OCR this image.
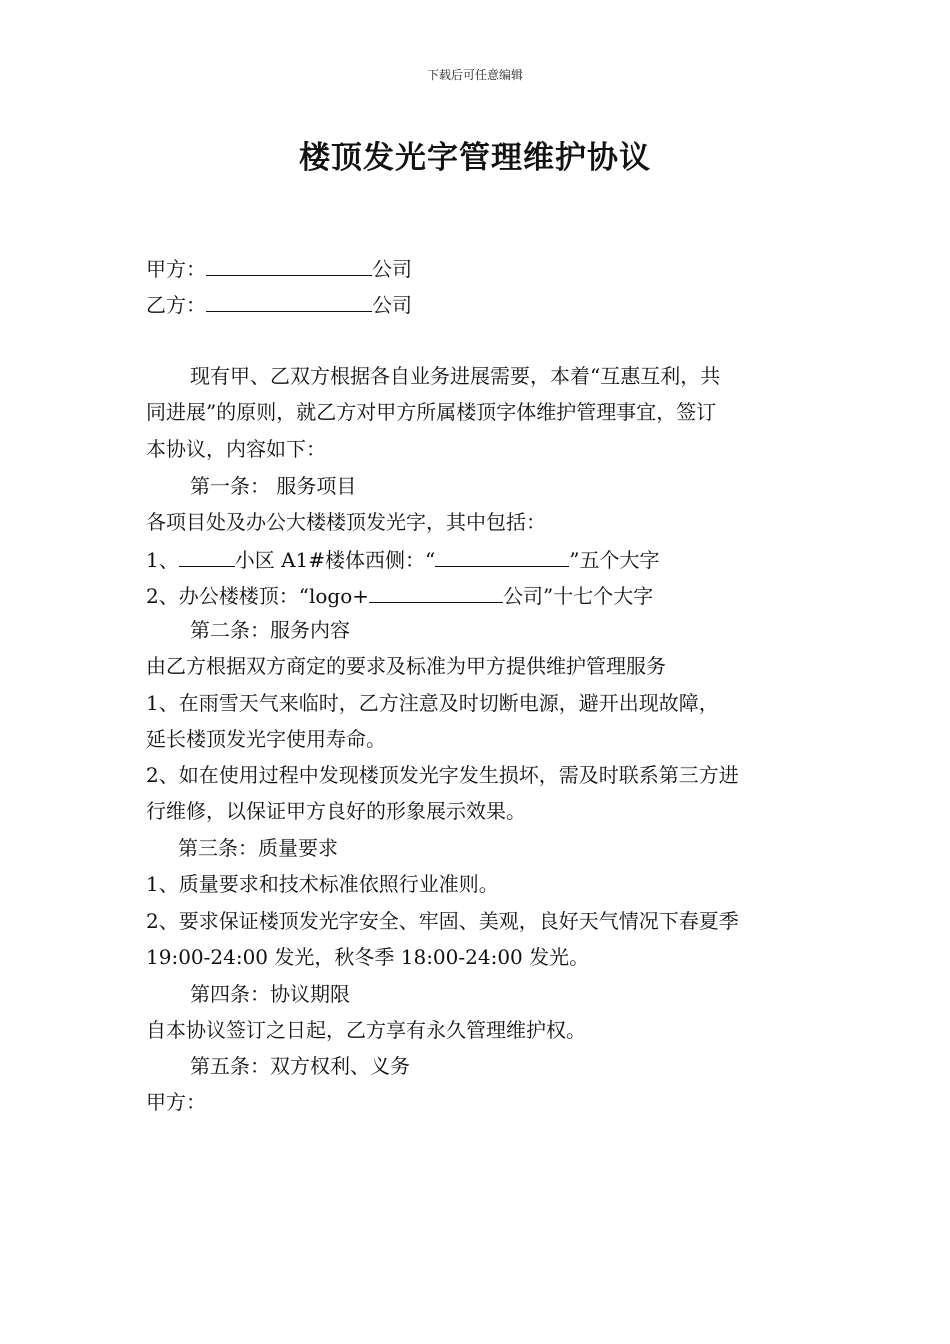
下载后可任意编辑
楼顶发光字管理维护协议
甲方：	公司
乙方：	公司
现有甲、乙双方根据各自业务进展需要，本着“互惠互利，共
同进展”的原则，就乙方对甲方所属楼顶字体维护管理事宜，签订
本协议，内容如下：
第一条： 服务项目
各项目处及办公大楼楼顶发光字，其中包括：
1、	小区 A1#楼体西侧：“	”五个大字
2、办公楼楼顶：“logo+	公司”十七个大字
第二条：服务内容
由乙方根据双方商定的要求及标准为甲方提供维护管理服务
1、在雨雪天气来临时，乙方注意及时切断电源，避开出现故障，
延长楼顶发光字使用寿命。
2、如在使用过程中发现楼顶发光字发生损坏，需及时联系第三方进
行维修，以保证甲方良好的形象展示效果。
第三条：质量要求
1、质量要求和技术标准依照行业准则。
2、要求保证楼顶发光字安全、牢固、美观，良好天气情况下春夏季
19:00-24:00 发光，秋冬季 18:00-24:00 发光。
第四条：协议期限
自本协议签订之日起，乙方享有永久管理维护权。
第五条：双方权利、义务
甲方：
